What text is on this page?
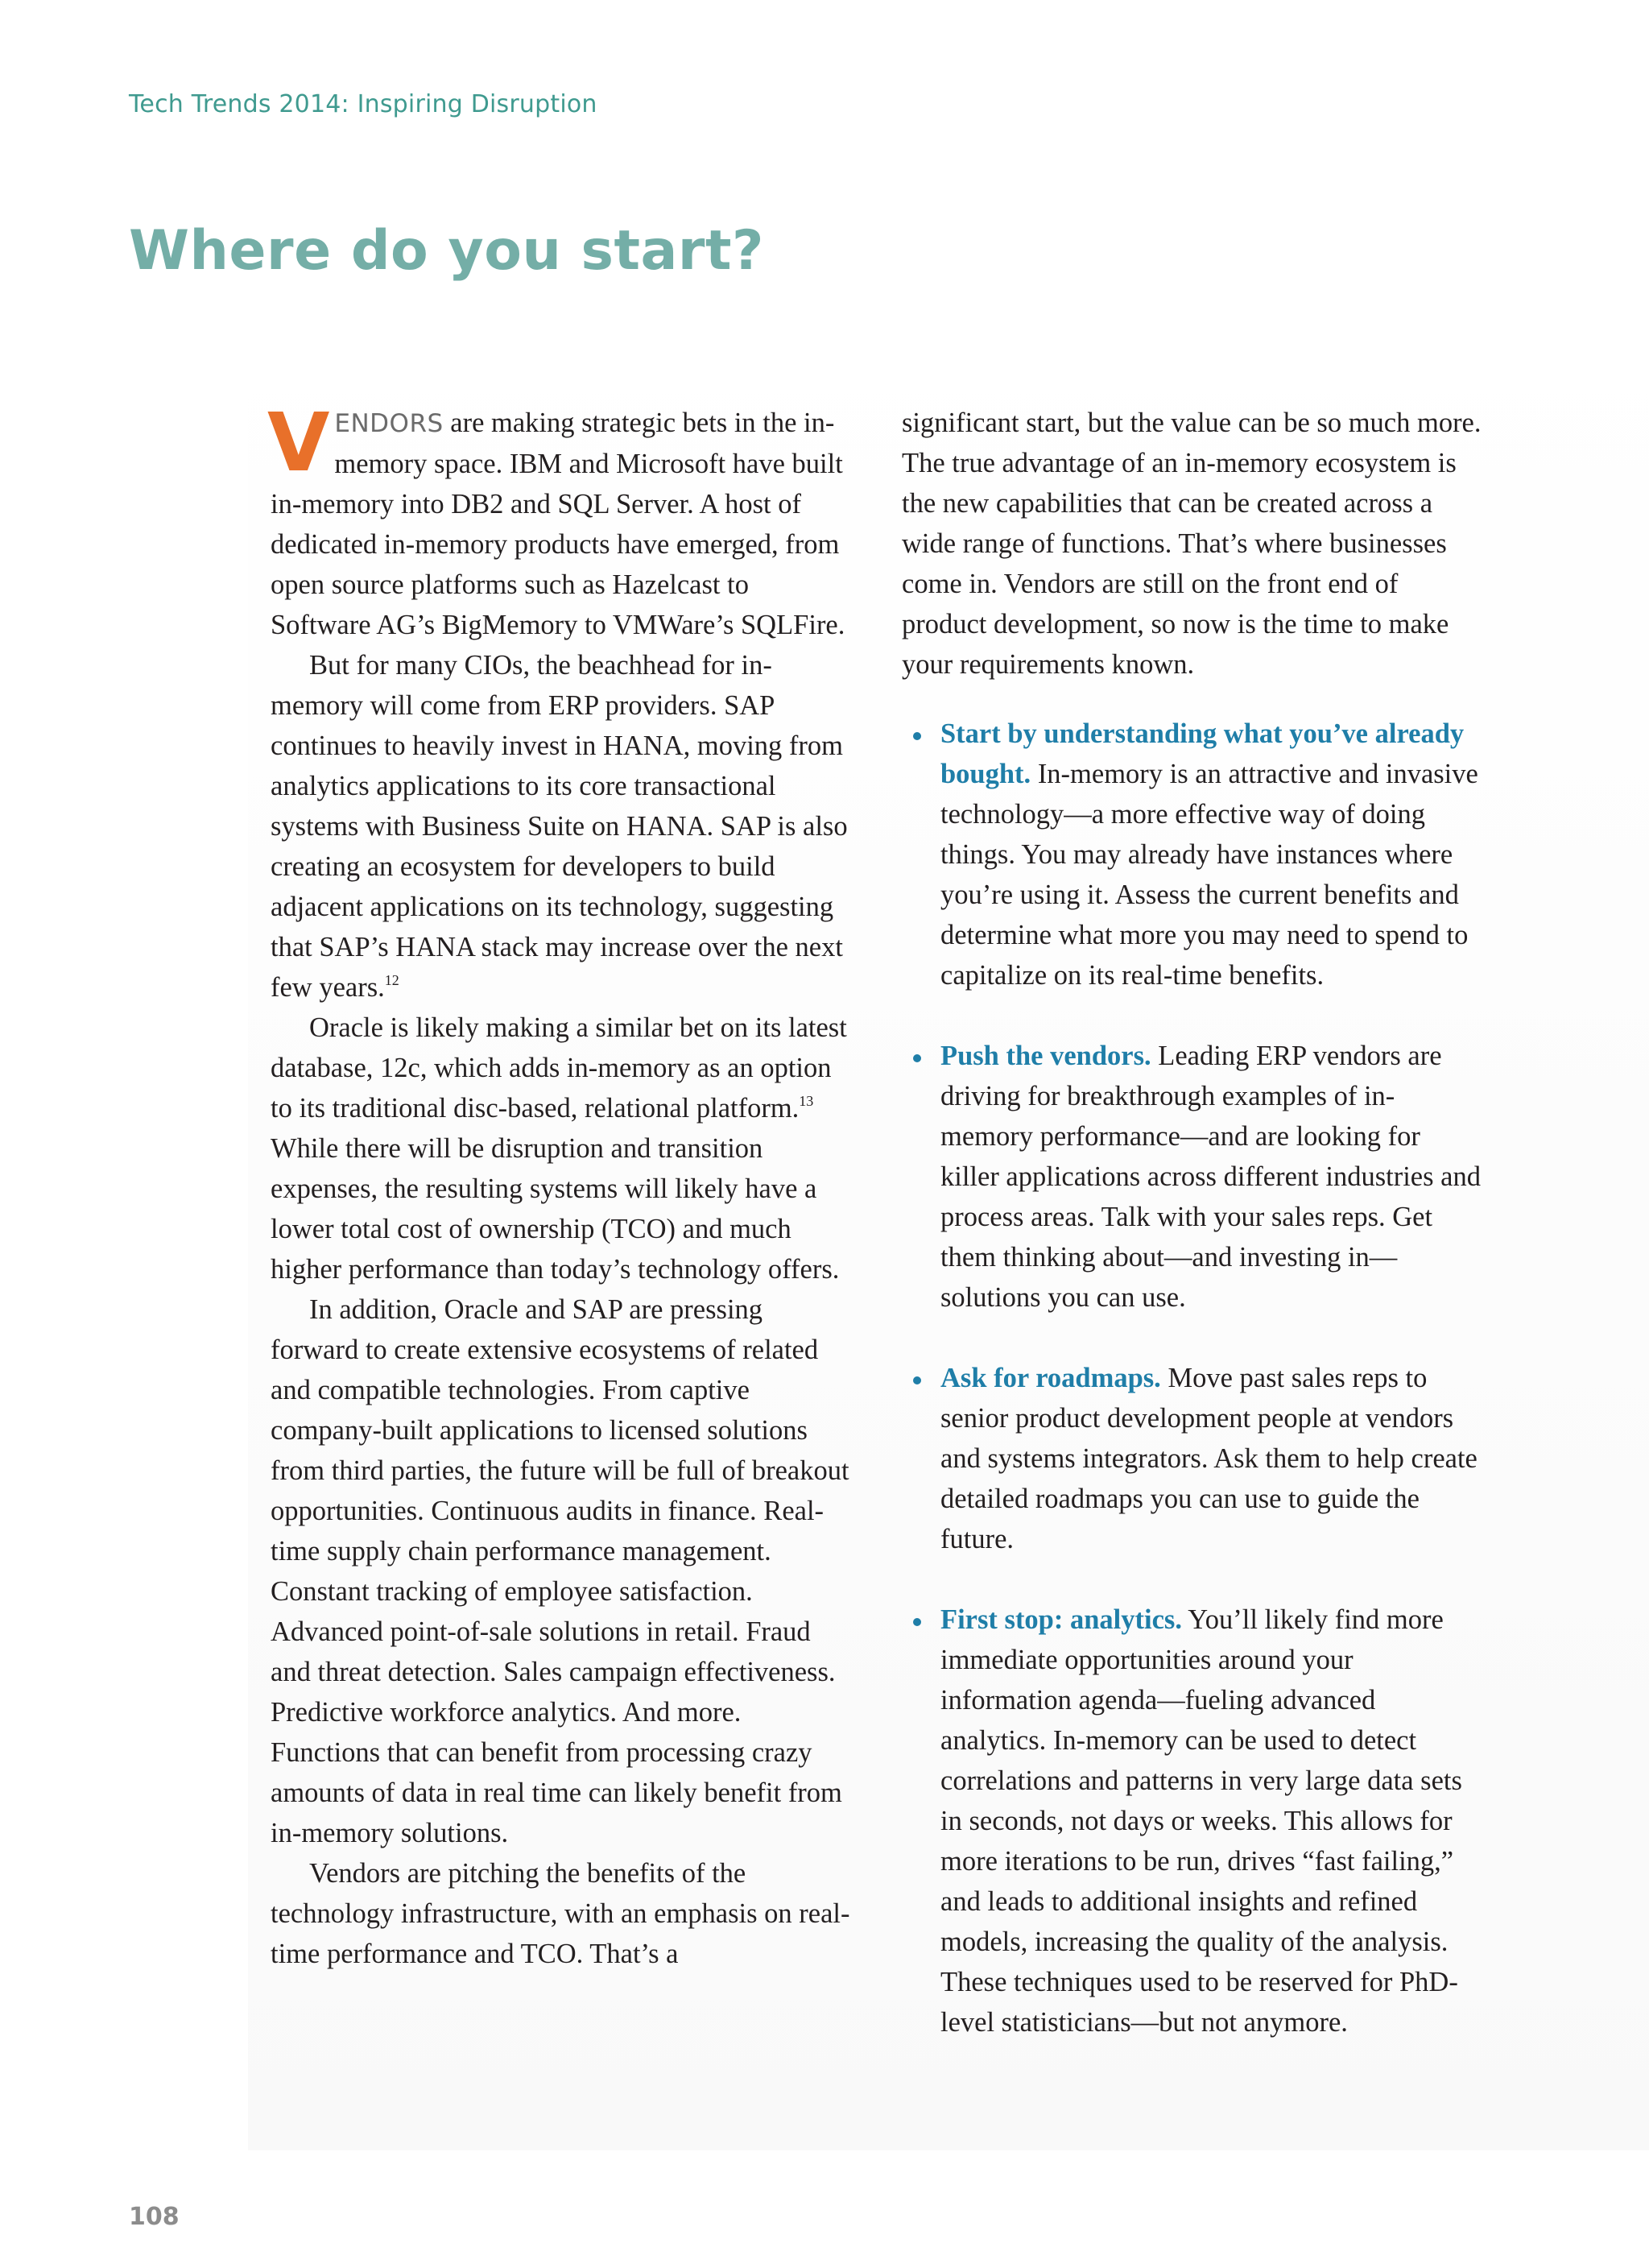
Tech Trends 2014: Inspiring Disruption
Where do you start?

VENDORS are making strategic bets in the in-memory space. IBM and Microsoft have built in-memory into DB2 and SQL Server. A host of dedicated in-memory products have emerged, from open source platforms such as Hazelcast to Software AG’s BigMemory to VMWare’s SQLFire.

But for many CIOs, the beachhead for in-memory will come from ERP providers. SAP continues to heavily invest in HANA, moving from analytics applications to its core transactional systems with Business Suite on HANA. SAP is also creating an ecosystem for developers to build adjacent applications on its technology, suggesting that SAP’s HANA stack may increase over the next few years.$^{12}$

Oracle is likely making a similar bet on its latest database, 12c, which adds in-memory as an option to its traditional disc-based, relational platform.$^{13}$ While there will be disruption and transition expenses, the resulting systems will likely have a lower total cost of ownership (TCO) and much higher performance than today’s technology offers.

In addition, Oracle and SAP are pressing forward to create extensive ecosystems of related and compatible technologies. From captive company-built applications to licensed solutions from third parties, the future will be full of breakout opportunities. Continuous audits in finance. Real-time supply chain performance management. Constant tracking of employee satisfaction. Advanced point-of-sale solutions in retail. Fraud and threat detection. Sales campaign effectiveness. Predictive workforce analytics. And more. Functions that can benefit from processing crazy amounts of data in real time can likely benefit from in-memory solutions.

Vendors are pitching the benefits of the technology infrastructure, with an emphasis on real-time performance and TCO. That’s a

significant start, but the value can be so much more. The true advantage of an in-memory ecosystem is the new capabilities that can be created across a wide range of functions. That’s where businesses come in. Vendors are still on the front end of product development, so now is the time to make your requirements known.

Start by understanding what you’ve already bought. In-memory is an attractive and invasive technology—a more effective way of doing things. You may already have instances where you’re using it. Assess the current benefits and determine what more you may need to spend to capitalize on its real-time benefits.
Push the vendors. Leading ERP vendors are driving for breakthrough examples of in-memory performance—and are looking for killer applications across different industries and process areas. Talk with your sales reps. Get them thinking about—and investing in—solutions you can use.
Ask for roadmaps. Move past sales reps to senior product development people at vendors and systems integrators. Ask them to help create detailed roadmaps you can use to guide the future.
First stop: analytics. You’ll likely find more immediate opportunities around your information agenda—fueling advanced analytics. In-memory can be used to detect correlations and patterns in very large data sets in seconds, not days or weeks. This allows for more iterations to be run, drives “fast failing,” and leads to additional insights and refined models, increasing the quality of the analysis. These techniques used to be reserved for PhD-level statisticians—but not anymore.
108
